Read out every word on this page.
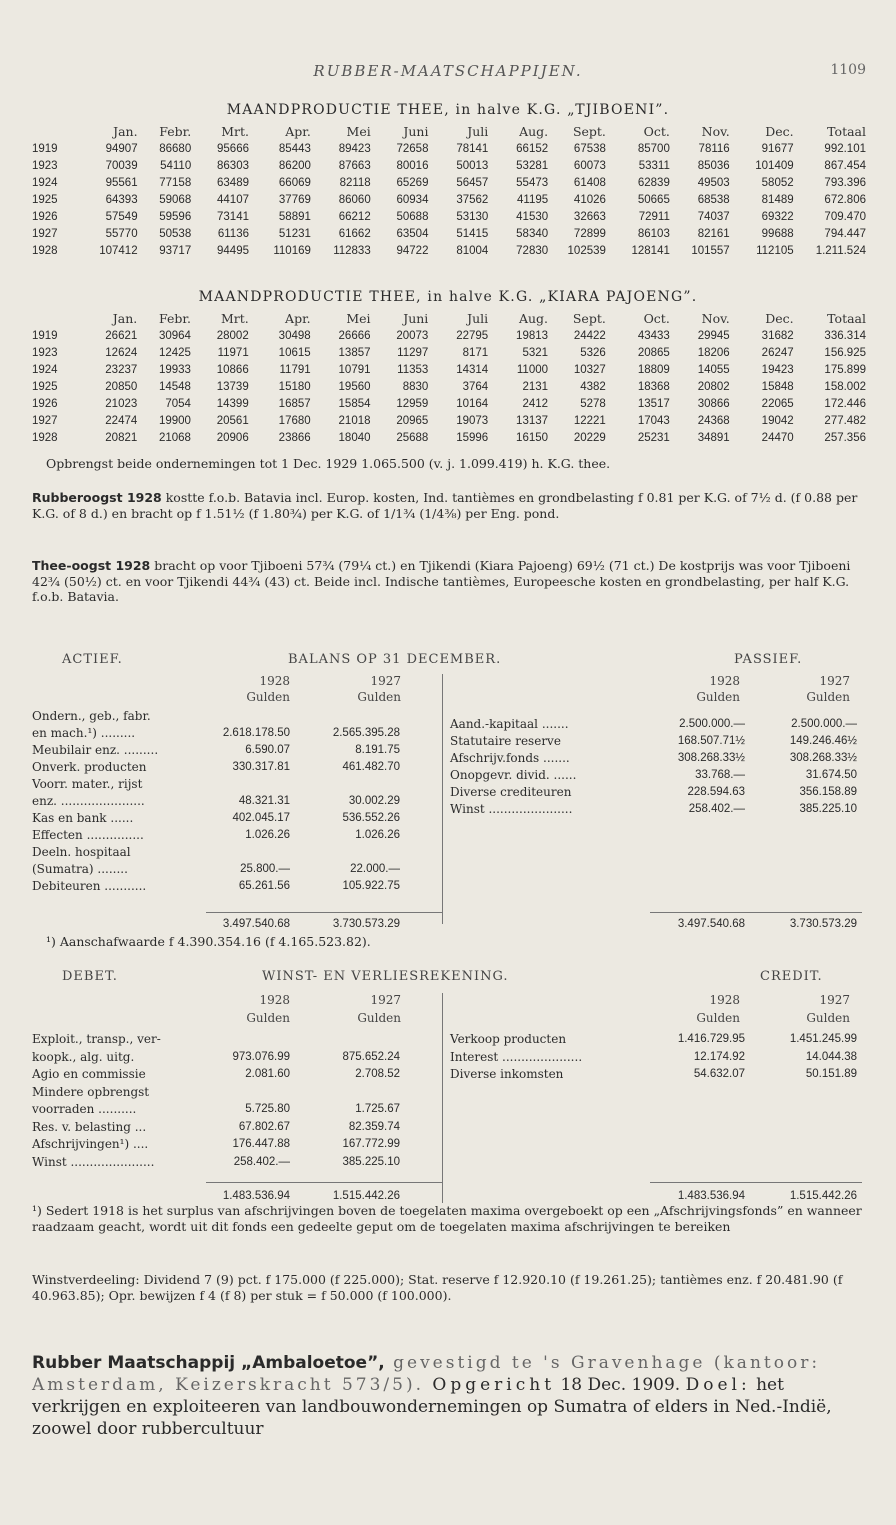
RUBBER-MAATSCHAPPIJEN.	1109
MAANDPRODUCTIE THEE, in halve K.G. „TJIBOENI”.
	Jan.	Febr.	Mrt.	Apr.	Mei	Juni	Juli	Aug.	Sept.	Oct.	Nov.	Dec.	Totaal
1919	94907	86680	95666	85443	89423	72658	78141	66152	67538	85700	78116	91677	992.101
1923	70039	54110	86303	86200	87663	80016	50013	53281	60073	53311	85036	101409	867.454
1924	95561	77158	63489	66069	82118	65269	56457	55473	61408	62839	49503	58052	793.396
1925	64393	59068	44107	37769	86060	60934	37562	41195	41026	50665	68538	81489	672.806
1926	57549	59596	73141	58891	66212	50688	53130	41530	32663	72911	74037	69322	709.470
1927	55770	50538	61136	51231	61662	63504	51415	58340	72899	86103	82161	99688	794.447
1928	107412	93717	94495	110169	112833	94722	81004	72830	102539	128141	101557	112105	1.211.524
MAANDPRODUCTIE THEE, in halve K.G. „KIARA PAJOENG”.
	Jan.	Febr.	Mrt.	Apr.	Mei	Juni	Juli	Aug.	Sept.	Oct.	Nov.	Dec.	Totaal
1919	26621	30964	28002	30498	26666	20073	22795	19813	24422	43433	29945	31682	336.314
1923	12624	12425	11971	10615	13857	11297	8171	5321	5326	20865	18206	26247	156.925
1924	23237	19933	10866	11791	10791	11353	14314	11000	10327	18809	14055	19423	175.899
1925	20850	14548	13739	15180	19560	8830	3764	2131	4382	18368	20802	15848	158.002
1926	21023	7054	14399	16857	15854	12959	10164	2412	5278	13517	30866	22065	172.446
1927	22474	19900	20561	17680	21018	20965	19073	13137	12221	17043	24368	19042	277.482
1928	20821	21068	20906	23866	18040	25688	15996	16150	20229	25231	34891	24470	257.356
Opbrengst beide ondernemingen tot 1 Dec. 1929 1.065.500 (v. j. 1.099.419) h. K.G. thee.
Rubberoogst 1928 kostte f.o.b. Batavia incl. Europ. kosten, Ind. tantièmes en grondbelasting f 0.81 per K.G. of 7½ d. (f 0.88 per K.G. of 8 d.) en bracht op f 1.51½ (f 1.80¾) per K.G. of 1/1¾ (1/4⅜) per Eng. pond.
Thee-oogst 1928 bracht op voor Tjiboeni 57¾ (79¼ ct.) en Tjikendi (Kiara Pajoeng) 69½ (71 ct.) De kostprijs was voor Tjiboeni 42¾ (50½) ct. en voor Tjikendi 44¾ (43) ct. Beide incl. Indische tantièmes, Europeesche kosten en grondbelasting, per half K.G. f.o.b. Batavia.
ACTIEF.	BALANS OP 31 DECEMBER.	PASSIEF.
1928	1927
Gulden	Gulden
1928	1927
Gulden	Gulden
Ondern., geb., fabr.
en mach.¹) .........	2.618.178.50	2.565.395.28
Meubilair enz. .........	6.590.07	8.191.75
Onverk. producten	330.317.81	461.482.70
Voorr. mater., rijst
enz. ......................	48.321.31	30.002.29
Kas en bank ......	402.045.17	536.552.26
Effecten ...............	1.026.26	1.026.26
Deeln. hospitaal
(Sumatra) ........	25.800.—	22.000.—
Debiteuren ...........	65.261.56	105.922.75
Aand.-kapitaal .......	2.500.000.—	2.500.000.—
Statutaire reserve	168.507.71½	149.246.46½
Afschrijv.fonds .......	308.268.33½	308.268.33½
Onopgevr. divid. ......	33.768.—	31.674.50
Diverse crediteuren	228.594.63	356.158.89
Winst ......................	258.402.—	385.225.10
3.497.540.68	3.730.573.29	3.497.540.68	3.730.573.29
¹) Aanschafwaarde f 4.390.354.16 (f 4.165.523.82).
DEBET.	WINST- EN VERLIESREKENING.	CREDIT.
1928	1927
Gulden	Gulden
1928	1927
Gulden	Gulden
Exploit., transp., ver-
koopk., alg. uitg.	973.076.99	875.652.24
Agio en commissie	2.081.60	2.708.52
Mindere opbrengst
voorraden ..........	5.725.80	1.725.67
Res. v. belasting ...	67.802.67	82.359.74
Afschrijvingen¹) ....	176.447.88	167.772.99
Winst ......................	258.402.—	385.225.10
Verkoop producten	1.416.729.95	1.451.245.99
Interest .....................	12.174.92	14.044.38
Diverse inkomsten	54.632.07	50.151.89
1.483.536.94	1.515.442.26	1.483.536.94	1.515.442.26
¹) Sedert 1918 is het surplus van afschrijvingen boven de toegelaten maxima overgeboekt op een „Afschrijvingsfonds” en wanneer raadzaam geacht, wordt uit dit fonds een gedeelte geput om de toegelaten maxima afschrijvingen te bereiken
Winstverdeeling: Dividend 7 (9) pct. f 175.000 (f 225.000); Stat. reserve f 12.920.10 (f 19.261.25); tantièmes enz. f 20.481.90 (f 40.963.85); Opr. bewijzen f 4 (f 8) per stuk = f 50.000 (f 100.000).
Rubber Maatschappij „Ambaloetoe”, gevestigd te 's Gravenhage (kantoor: Amsterdam, Keizerskracht 573/5). Opgericht 18 Dec. 1909. Doel: het verkrijgen en exploiteeren van landbouwondernemingen op Sumatra of elders in Ned.-Indië, zoowel door rubbercultuur
